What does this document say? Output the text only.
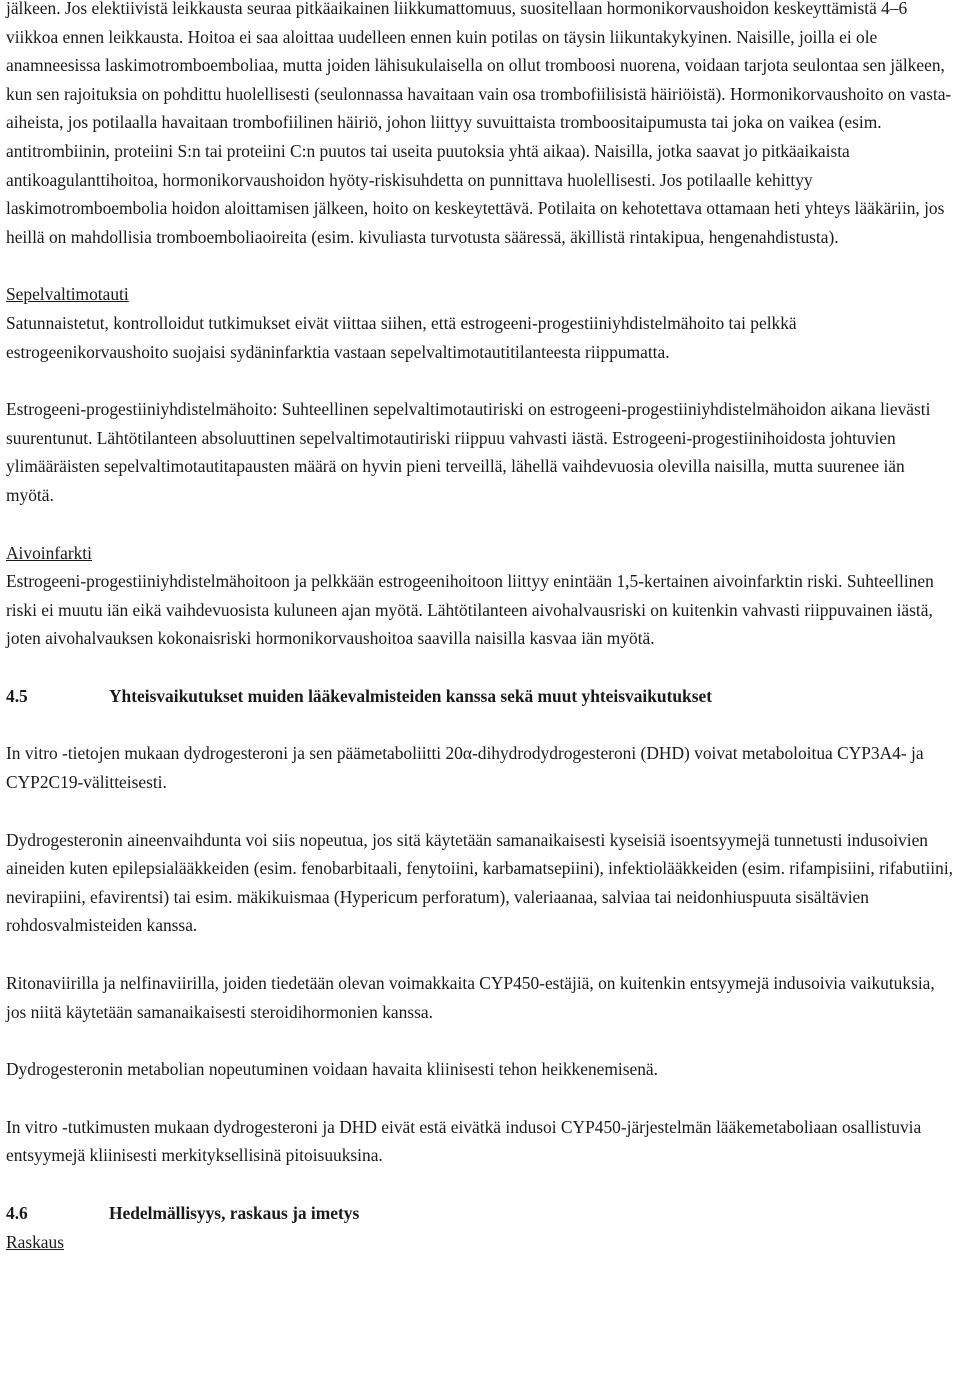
jälkeen. Jos elektiivistä leikkausta seuraa pitkäaikainen liikkumattomuus, suositellaan hormonikorvaushoidon keskeyttämistä 4–6 viikkoa ennen leikkausta. Hoitoa ei saa aloittaa uudelleen ennen kuin potilas on täysin liikuntakykyinen. Naisille, joilla ei ole anamneesissa laskimotromboemboliaa, mutta joiden lähisukulaisella on ollut tromboosi nuorena, voidaan tarjota seulontaa sen jälkeen, kun sen rajoituksia on pohdittu huolellisesti (seulonnassa havaitaan vain osa trombofiilisistä häiriöistä). Hormonikorvaushoito on vasta-aiheista, jos potilaalla havaitaan trombofiilinen häiriö, johon liittyy suvuittaista tromboositaipumusta tai joka on vaikea (esim. antitrombiinin, proteiini S:n tai proteiini C:n puutos tai useita puutoksia yhtä aikaa). Naisilla, jotka saavat jo pitkäaikaista antikoagulanttihoitoa, hormonikorvaushoidon hyöty-riskisuhdetta on punnittava huolellisesti. Jos potilaalle kehittyy laskimotromboembolia hoidon aloittamisen jälkeen, hoito on keskeytettävä. Potilaita on kehotettava ottamaan heti yhteys lääkäriin, jos heillä on mahdollisia tromboemboliaoireita (esim. kivuliasta turvotusta sääressä, äkillistä rintakipua, hengenahdistusta).

Sepelvaltimotauti

Satunnaistetut, kontrolloidut tutkimukset eivät viittaa siihen, että estrogeeni-progestiiniyhdistelmähoito tai pelkkä estrogeenikorvaushoito suojaisi sydäninfarktia vastaan sepelvaltimotautitilanteesta riippumatta.

Estrogeeni-progestiiniyhdistelmähoito: Suhteellinen sepelvaltimotautiriski on estrogeeni-progestiiniyhdistelmähoidon aikana lievästi suurentunut. Lähtötilanteen absoluuttinen sepelvaltimotautiriski riippuu vahvasti iästä. Estrogeeni-progestiinihoidosta johtuvien ylimääräisten sepelvaltimotautitapausten määrä on hyvin pieni terveillä, lähellä vaihdevuosia olevilla naisilla, mutta suurenee iän myötä.

Aivoinfarkti

Estrogeeni-progestiiniyhdistelmähoitoon ja pelkkään estrogeenihoitoon liittyy enintään 1,5-kertainen aivoinfarktin riski. Suhteellinen riski ei muutu iän eikä vaihdevuosista kuluneen ajan myötä. Lähtötilanteen aivohalvausriski on kuitenkin vahvasti riippuvainen iästä, joten aivohalvauksen kokonaisriski hormonikorvaushoitoa saavilla naisilla kasvaa iän myötä.

4.5	Yhteisvaikutukset muiden lääkevalmisteiden kanssa sekä muut yhteisvaikutukset

In vitro -tietojen mukaan dydrogesteroni ja sen päämetaboliitti 20α-dihydrodydrogesteroni (DHD) voivat metaboloitua CYP3A4- ja CYP2C19-välitteisesti.

Dydrogesteronin aineenvaihdunta voi siis nopeutua, jos sitä käytetään samanaikaisesti kyseisiä isoentsyymejä tunnetusti indusoivien aineiden kuten epilepsialääkkeiden (esim. fenobarbitaali, fenytoiini, karbamatsepiini), infektiolääkkeiden (esim. rifampisiini, rifabutiini, nevirapiini, efavirentsi) tai esim. mäkikuismaa (Hypericum perforatum), valeriaanaa, salviaa tai neidonhiuspuuta sisältävien rohdosvalmisteiden kanssa.

Ritonaviirilla ja nelfinaviirilla, joiden tiedetään olevan voimakkaita CYP450-estäjiä, on kuitenkin entsyymejä indusoivia vaikutuksia, jos niitä käytetään samanaikaisesti steroidihormonien kanssa.

Dydrogesteronin metabolian nopeutuminen voidaan havaita kliinisesti tehon heikkenemisenä.

In vitro -tutkimusten mukaan dydrogesteroni ja DHD eivät estä eivätkä indusoi CYP450-järjestelmän lääkemetaboliaan osallistuvia entsyymejä kliinisesti merkityksellisinä pitoisuuksina.

4.6	Hedelmällisyys, raskaus ja imetys

Raskaus
